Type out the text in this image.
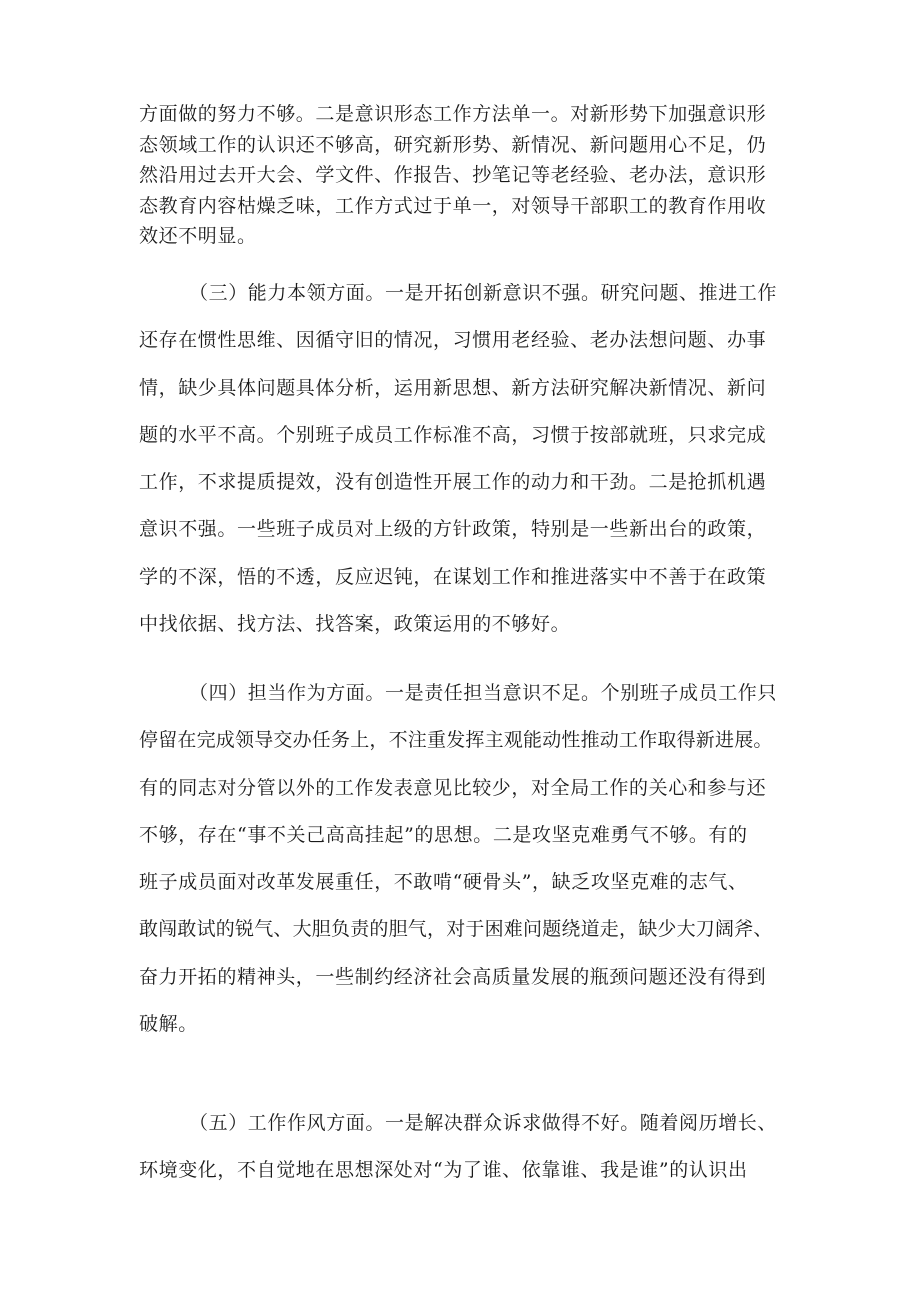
方面做的努力不够。二是意识形态工作方法单一。对新形势下加强意识形
态领域工作的认识还不够高，研究新形势、新情况、新问题用心不足，仍
然沿用过去开大会、学文件、作报告、抄笔记等老经验、老办法，意识形
态教育内容枯燥乏味，工作方式过于单一，对领导干部职工的教育作用收
效还不明显。
（三）能力本领方面。一是开拓创新意识不强。研究问题、推进工作
还存在惯性思维、因循守旧的情况，习惯用老经验、老办法想问题、办事
情，缺少具体问题具体分析，运用新思想、新方法研究解决新情况、新问
题的水平不高。个别班子成员工作标准不高，习惯于按部就班，只求完成
工作，不求提质提效，没有创造性开展工作的动力和干劲。二是抢抓机遇
意识不强。一些班子成员对上级的方针政策，特别是一些新出台的政策，
学的不深，悟的不透，反应迟钝，在谋划工作和推进落实中不善于在政策
中找依据、找方法、找答案，政策运用的不够好。
（四）担当作为方面。一是责任担当意识不足。个别班子成员工作只
停留在完成领导交办任务上，不注重发挥主观能动性推动工作取得新进展。
有的同志对分管以外的工作发表意见比较少，对全局工作的关心和参与还
不够，存在“事不关己高高挂起”的思想。二是攻坚克难勇气不够。有的
班子成员面对改革发展重任，不敢啃“硬骨头”，缺乏攻坚克难的志气、
敢闯敢试的锐气、大胆负责的胆气，对于困难问题绕道走，缺少大刀阔斧、
奋力开拓的精神头，一些制约经济社会高质量发展的瓶颈问题还没有得到
破解。
（五）工作作风方面。一是解决群众诉求做得不好。随着阅历增长、
环境变化，不自觉地在思想深处对“为了谁、依靠谁、我是谁”的认识出
